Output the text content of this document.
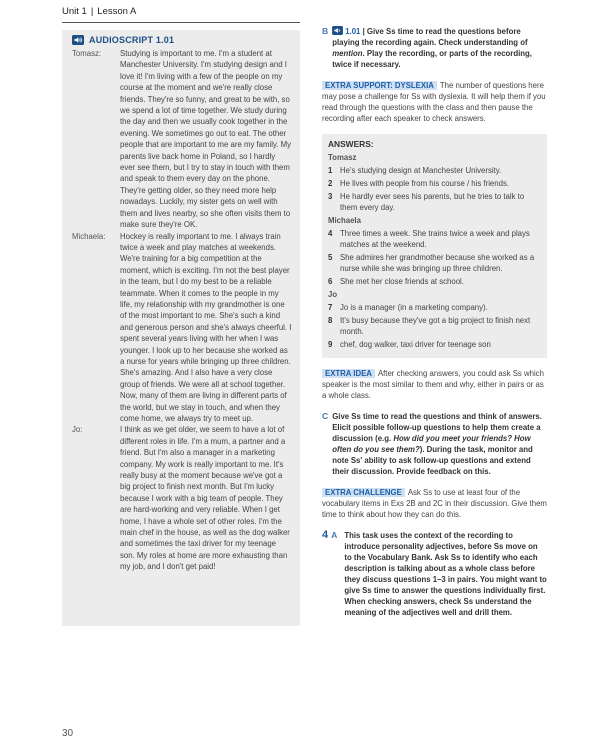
Unit 1 | Lesson A
AUDIOSCRIPT 1.01
Tomasz:	Studying is important to me. I'm a student at Manchester University. I'm studying design and I love it! I'm living with a few of the people on my course at the moment and we're really close friends. They're so funny, and great to be with, so we spend a lot of time together. We study during the day and then we usually cook together in the evening. We sometimes go out to eat. The other people that are important to me are my family. My parents live back home in Poland, so I hardly ever see them, but I try to stay in touch with them and speak to them every day on the phone. They're getting older, so they need more help nowadays. Luckily, my sister gets on well with them and lives nearby, so she often visits them to make sure they're OK.
Michaela:	Hockey is really important to me. I always train twice a week and play matches at weekends. We're training for a big competition at the moment, which is exciting. I'm not the best player in the team, but I do my best to be a reliable teammate. When it comes to the people in my life, my relationship with my grandmother is one of the most important to me. She's such a kind and generous person and she's always cheerful. I spent several years living with her when I was younger. I look up to her because she worked as a nurse for years while bringing up three children. She's amazing. And I also have a very close group of friends. We were all at school together. Now, many of them are living in different parts of the world, but we stay in touch, and when they come home, we always try to meet up.
Jo:	I think as we get older, we seem to have a lot of different roles in life. I'm a mum, a partner and a friend. But I'm also a manager in a marketing company. My work is really important to me. It's really busy at the moment because we've got a big project to finish next month. But I'm lucky because I work with a big team of people. They are hard-working and very reliable. When I get home, I have a whole set of other roles. I'm the main chef in the house, as well as the dog walker and sometimes the taxi driver for my teenage son. My roles at home are more exhausting than my job, and I don't get paid!
30
B	1.01 | Give Ss time to read the questions before playing the recording again. Check understanding of mention. Play the recording, or parts of the recording, twice if necessary.
EXTRA SUPPORT: DYSLEXIA The number of questions here may pose a challenge for Ss with dyslexia. It will help them if you read through the questions with the class and then pause the recording after each speaker to check answers.
ANSWERS:
Tomasz
1 He's studying design at Manchester University.
2 He lives with people from his course / his friends.
3 He hardly ever sees his parents, but he tries to talk to them every day.
Michaela
4 Three times a week. She trains twice a week and plays matches at the weekend.
5 She admires her grandmother because she worked as a nurse while she was bringing up three children.
6 She met her close friends at school.
Jo
7 Jo is a manager (in a marketing company).
8 It's busy because they've got a big project to finish next month.
9 chef, dog walker, taxi driver for teenage son
EXTRA IDEA After checking answers, you could ask Ss which speaker is the most similar to them and why, either in pairs or as a whole class.
C Give Ss time to read the questions and think of answers. Elicit possible follow-up questions to help them create a discussion (e.g. How did you meet your friends? How often do you see them?). During the task, monitor and note Ss' ability to ask follow-up questions and extend their discussion. Provide feedback on this.
EXTRA CHALLENGE Ask Ss to use at least four of the vocabulary items in Exs 2B and 2C in their discussion. Give them time to think about how they can do this.
4 A This task uses the context of the recording to introduce personality adjectives, before Ss move on to the Vocabulary Bank. Ask Ss to identify who each description is talking about as a whole class before they discuss questions 1–3 in pairs. You might want to give Ss time to answer the questions individually first. When checking answers, check Ss understand the meaning of the adjectives well and drill them.
